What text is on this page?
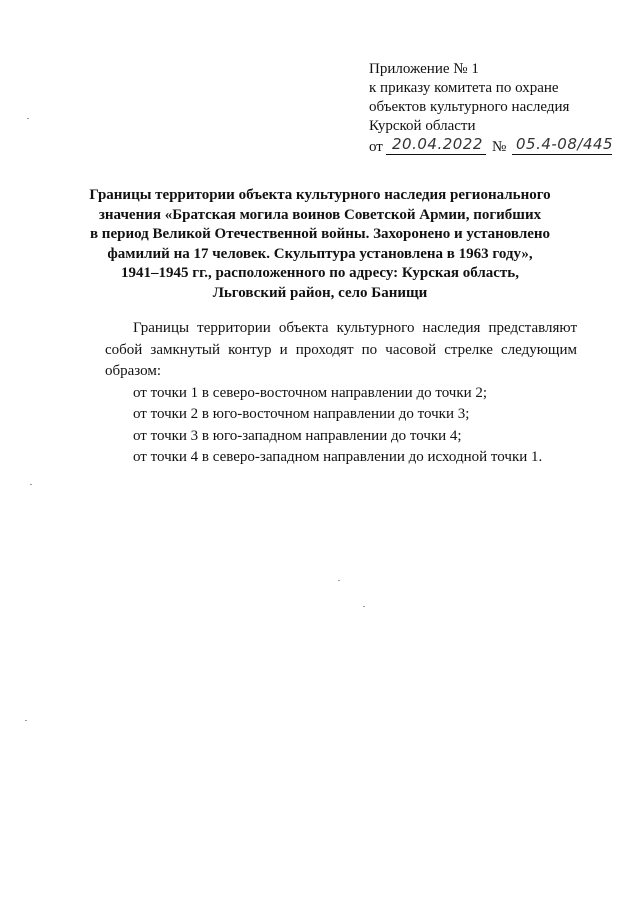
Приложение № 1
к приказу комитета по охране
объектов культурного наследия
Курской области
от 20.04.2022 № 05.4-08/445
Границы территории объекта культурного наследия регионального
значения «Братская могила воинов Советской Армии, погибших
в период Великой Отечественной войны. Захоронено и установлено
фамилий на 17 человек. Скульптура установлена в 1963 году»,
1941–1945 гг., расположенного по адресу: Курская область,
Льговский район, село Банищи

Границы территории объекта культурного наследия представляют собой замкнутый контур и проходят по часовой стрелке следующим образом:

от точки 1 в северо-восточном направлении до точки 2;
от точки 2 в юго-восточном направлении до точки 3;
от точки 3 в юго-западном направлении до точки 4;
от точки 4 в северо-западном направлении до исходной точки 1.
